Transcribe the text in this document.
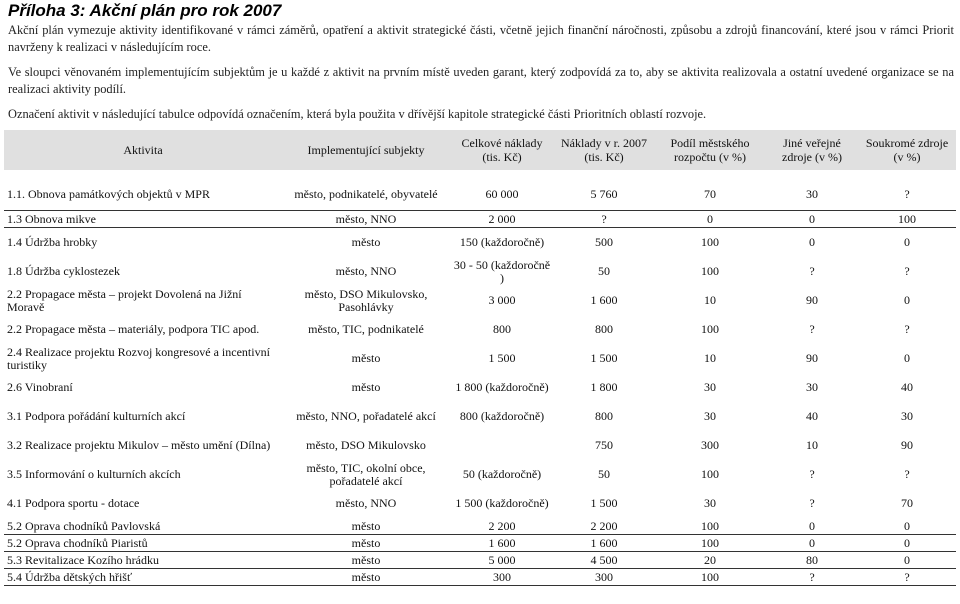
Příloha 3: Akční plán pro rok 2007

Akční plán vymezuje aktivity identifikované v rámci záměrů, opatření a aktivit strategické části, včetně jejich finanční náročnosti, způsobu a zdrojů financování, které jsou v rámci Priorit navrženy k realizaci v následujícím roce.

Ve sloupci věnovaném implementujícím subjektům je u každé z aktivit na prvním místě uveden garant, který zodpovídá za to, aby se aktivita realizovala a ostatní uvedené organizace se na realizaci aktivity podílí.

Označení aktivit v následující tabulce odpovídá označením, která byla použita v dřívější kapitole strategické části Prioritních oblastí rozvoje.

Aktivita	Implementující subjekty	Celkové náklady (tis. Kč)	Náklady v r. 2007 (tis. Kč)	Podíl městského rozpočtu (v %)	Jiné veřejné zdroje (v %)	Soukromé zdroje (v %)
1.1. Obnova památkových objektů v MPR	město, podnikatelé, obyvatelé	60 000	5 760	70	30	?
1.3 Obnova mikve	město, NNO	2 000	?	0	0	100
1.4 Údržba hrobky	město	150 (každoročně)	500	100	0	0
1.8 Údržba cyklostezek	město, NNO	30 - 50 (každoročně )	50	100	?	?
2.2 Propagace města – projekt Dovolená na Jižní Moravě	město, DSO Mikulovsko, Pasohlávky	3 000	1 600	10	90	0
2.2 Propagace města – materiály, podpora TIC apod.	město, TIC, podnikatelé	800	800	100	?	?
2.4 Realizace projektu Rozvoj kongresové a incentivní turistiky	město	1 500	1 500	10	90	0
2.6 Vinobraní	město	1 800 (každoročně)	1 800	30	30	40
3.1 Podpora pořádání kulturních akcí	město, NNO, pořadatelé akcí	800 (každoročně)	800	30	40	30
3.2 Realizace projektu Mikulov – město umění (Dílna)	město, DSO Mikulovsko		750	300	10	90
3.5 Informování o kulturních akcích	město, TIC, okolní obce, pořadatelé akcí	50 (každoročně)	50	100	?	?
4.1 Podpora sportu - dotace	město, NNO	1 500 (každoročně)	1 500	30	?	70
5.2 Oprava chodníků Pavlovská	město	2 200	2 200	100	0	0
5.2 Oprava chodníků Piaristů	město	1 600	1 600	100	0	0
5.3 Revitalizace Kozího hrádku	město	5 000	4 500	20	80	0
5.4 Údržba dětských hřišť	město	300	300	100	?	?
